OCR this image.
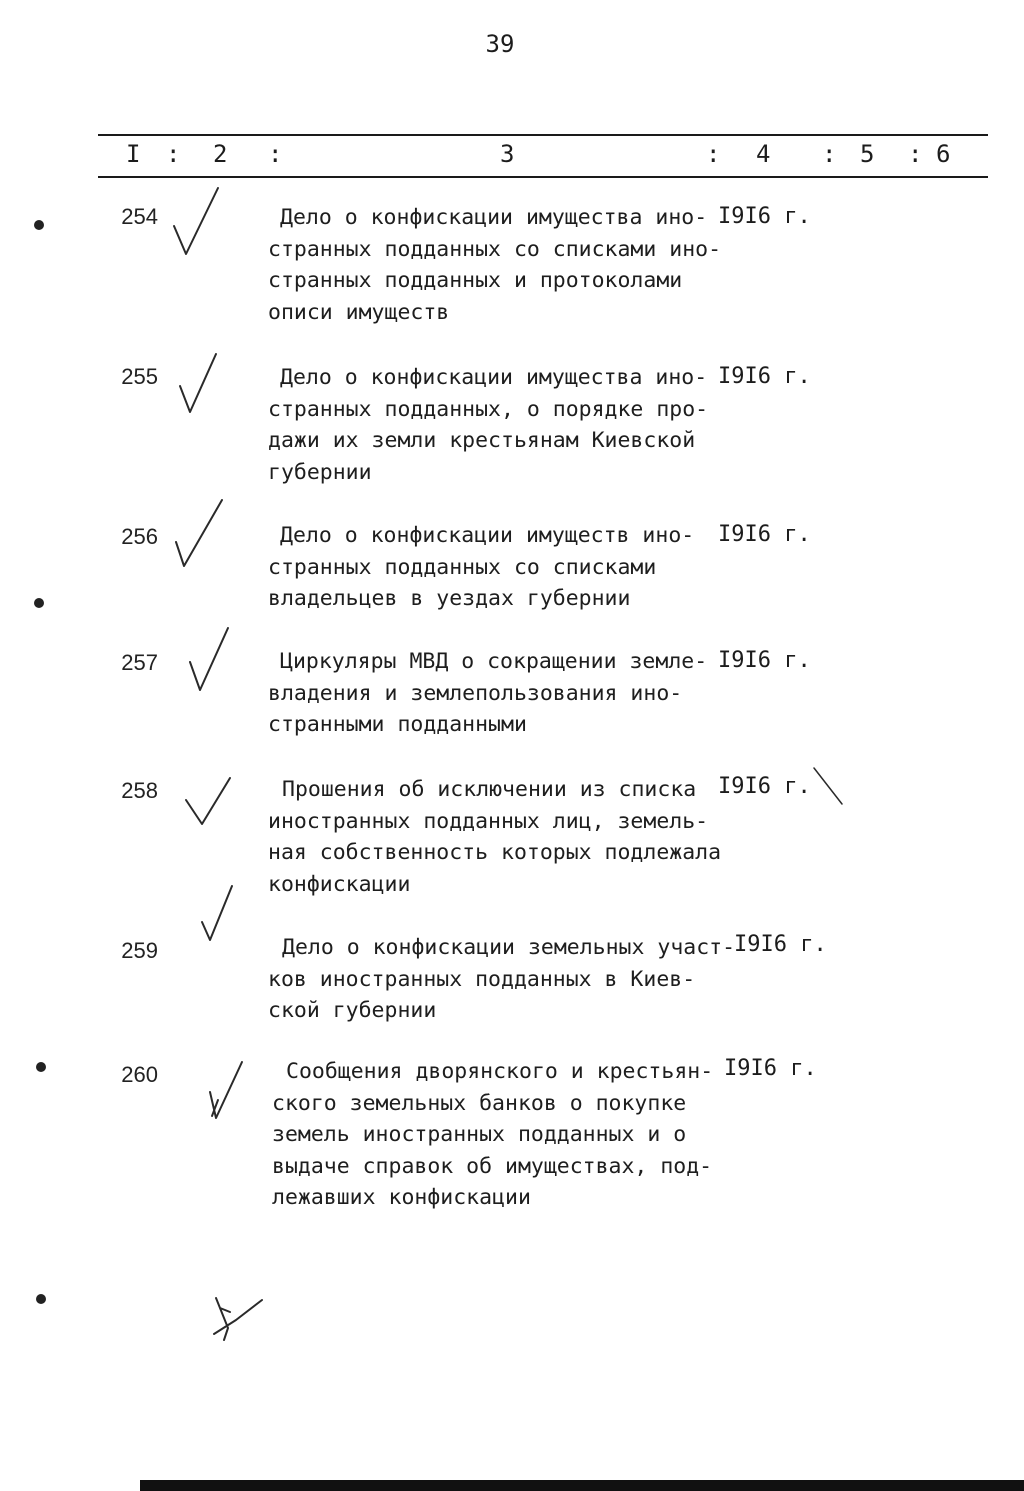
39
I : 2 :	3	: 4 : 5 : 6
254	Дело о конфискации имущества ино-
странных подданных со списками ино-
странных подданных и протоколами
описи имуществ
I9I6 г.
255	Дело о конфискации имущества ино-
странных подданных, о порядке про-
дажи их земли крестьянам Киевской
губернии
I9I6 г.
256	Дело о конфискации имуществ ино-
странных подданных со списками
владельцев в уездах губернии
I9I6 г.
257	Циркуляры МВД о сокращении земле-
владения и землепользования ино-
странными подданными
I9I6 г.
258	Прошения об исключении из списка
иностранных подданных лиц, земель-
ная собственность которых подлежала
конфискации
I9I6 г.
259	Дело о конфискации земельных участ-
ков иностранных подданных в Киев-
ской губернии
I9I6 г.
260	Сообщения дворянского и крестьян-
ского земельных банков о покупке
земель иностранных подданных и о
выдаче справок об имуществах, под-
лежавших конфискации
I9I6 г.
